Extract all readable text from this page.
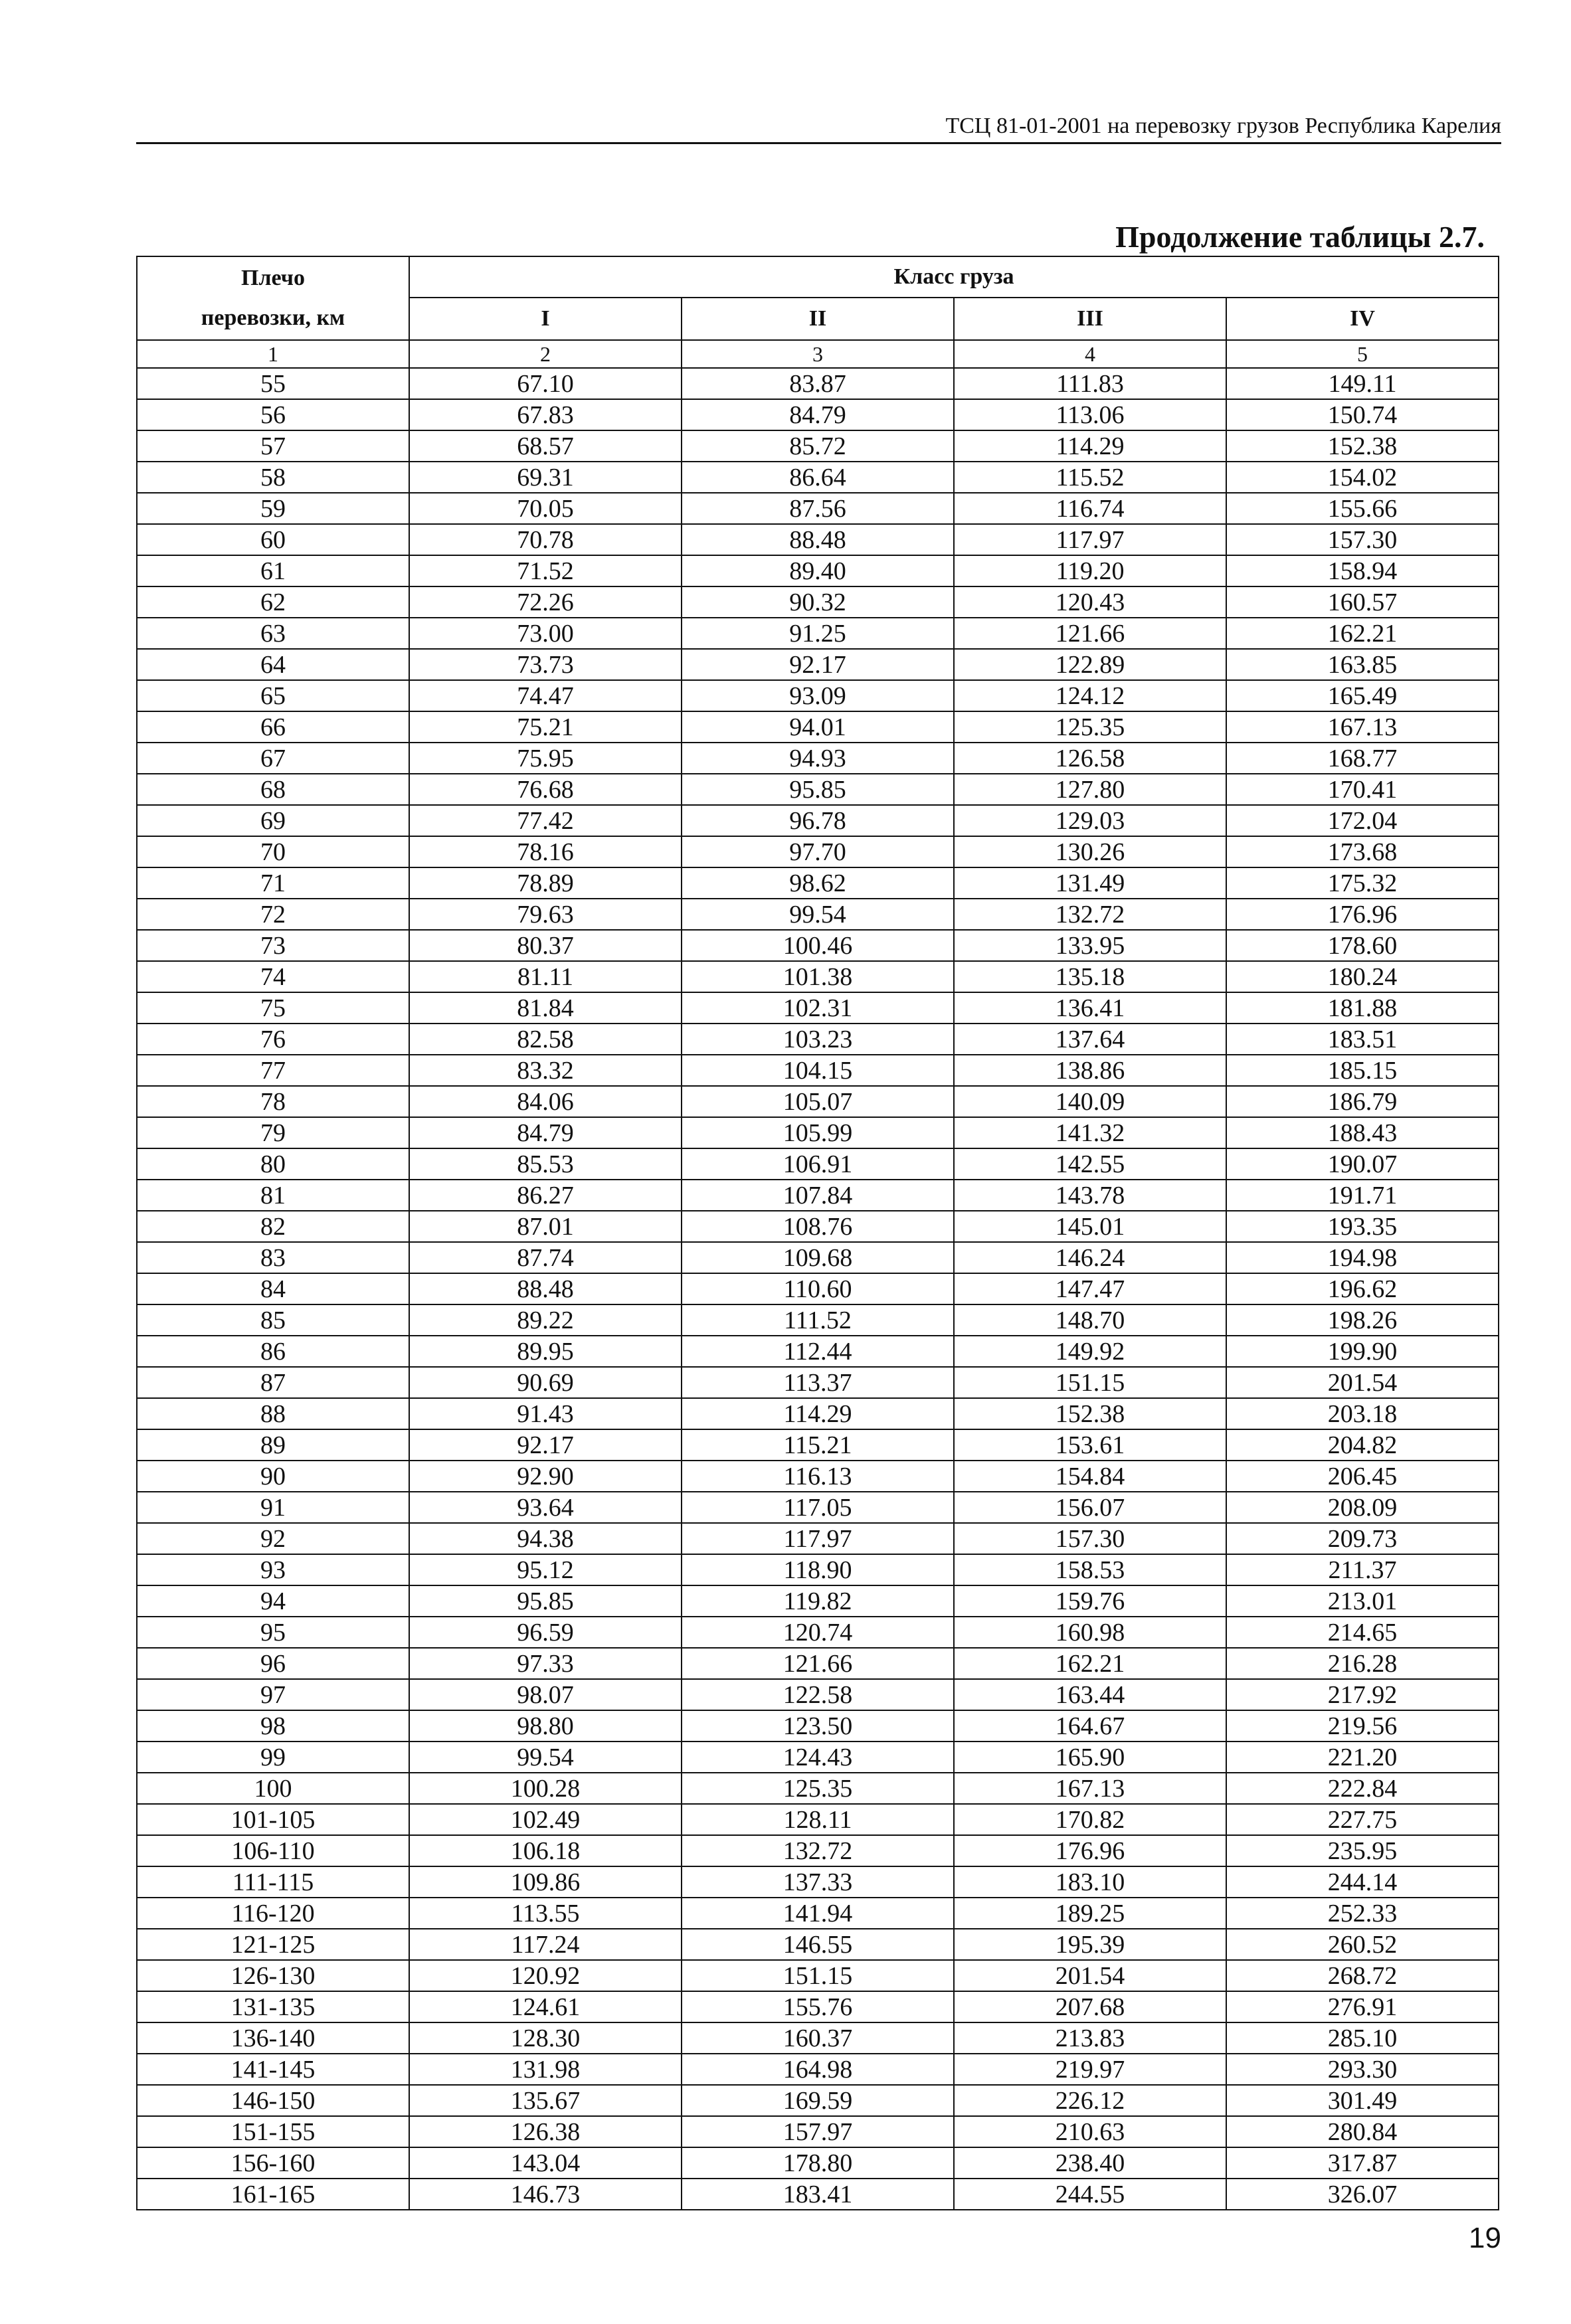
ТСЦ 81-01-2001 на перевозку грузов Республика Карелия
Продолжение таблицы 2.7.
Плечо
перевозки, км	Класс груза			
	I	II	III	IV
1	2	3	4	5
55	67.10	83.87	111.83	149.11
56	67.83	84.79	113.06	150.74
57	68.57	85.72	114.29	152.38
58	69.31	86.64	115.52	154.02
59	70.05	87.56	116.74	155.66
60	70.78	88.48	117.97	157.30
61	71.52	89.40	119.20	158.94
62	72.26	90.32	120.43	160.57
63	73.00	91.25	121.66	162.21
64	73.73	92.17	122.89	163.85
65	74.47	93.09	124.12	165.49
66	75.21	94.01	125.35	167.13
67	75.95	94.93	126.58	168.77
68	76.68	95.85	127.80	170.41
69	77.42	96.78	129.03	172.04
70	78.16	97.70	130.26	173.68
71	78.89	98.62	131.49	175.32
72	79.63	99.54	132.72	176.96
73	80.37	100.46	133.95	178.60
74	81.11	101.38	135.18	180.24
75	81.84	102.31	136.41	181.88
76	82.58	103.23	137.64	183.51
77	83.32	104.15	138.86	185.15
78	84.06	105.07	140.09	186.79
79	84.79	105.99	141.32	188.43
80	85.53	106.91	142.55	190.07
81	86.27	107.84	143.78	191.71
82	87.01	108.76	145.01	193.35
83	87.74	109.68	146.24	194.98
84	88.48	110.60	147.47	196.62
85	89.22	111.52	148.70	198.26
86	89.95	112.44	149.92	199.90
87	90.69	113.37	151.15	201.54
88	91.43	114.29	152.38	203.18
89	92.17	115.21	153.61	204.82
90	92.90	116.13	154.84	206.45
91	93.64	117.05	156.07	208.09
92	94.38	117.97	157.30	209.73
93	95.12	118.90	158.53	211.37
94	95.85	119.82	159.76	213.01
95	96.59	120.74	160.98	214.65
96	97.33	121.66	162.21	216.28
97	98.07	122.58	163.44	217.92
98	98.80	123.50	164.67	219.56
99	99.54	124.43	165.90	221.20
100	100.28	125.35	167.13	222.84
101-105	102.49	128.11	170.82	227.75
106-110	106.18	132.72	176.96	235.95
111-115	109.86	137.33	183.10	244.14
116-120	113.55	141.94	189.25	252.33
121-125	117.24	146.55	195.39	260.52
126-130	120.92	151.15	201.54	268.72
131-135	124.61	155.76	207.68	276.91
136-140	128.30	160.37	213.83	285.10
141-145	131.98	164.98	219.97	293.30
146-150	135.67	169.59	226.12	301.49
151-155	126.38	157.97	210.63	280.84
156-160	143.04	178.80	238.40	317.87
161-165	146.73	183.41	244.55	326.07
19
